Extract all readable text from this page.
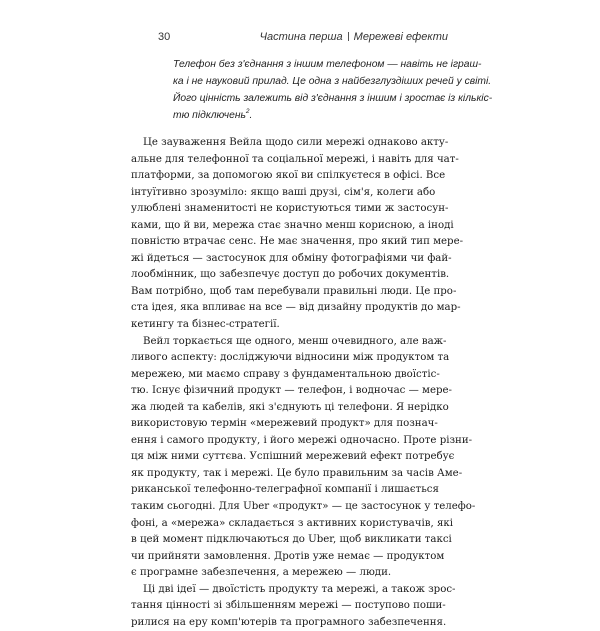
30	Частина перша Мережеві ефекти
Телефон без з'єднання з іншим телефоном — навіть не іграш-
ка і не науковий прилад. Це одна з найбезглуздіших речей у світі.
Його цінність залежить від з'єднання з іншим і зростає із кількіс-
тю підключень$^2$.
Це зауваження Вейла щодо сили мережі однаково акту-
альне для телефонної та соціальної мережі, і навіть для чат-
платформи, за допомогою якої ви спілкуєтеся в офісі. Все
інтуїтивно зрозуміло: якщо ваші друзі, сім'я, колеги або
улюблені знаменитості не користуються тими ж застосун-
ками, що й ви, мережа стає значно менш корисною, а іноді
повністю втрачає сенс. Не має значення, про який тип мере-
жі йдеться — застосунок для обміну фотографіями чи фай-
лообмінник, що забезпечує доступ до робочих документів.
Вам потрібно, щоб там перебували правильні люди. Це про-
ста ідея, яка впливає на все — від дизайну продуктів до мар-
кетингу та бізнес-стратегії.
Вейл торкається ще одного, менш очевидного, але важ-
ливого аспекту: досліджуючи відносини між продуктом та
мережею, ми маємо справу з фундаментальною двоїстіс-
тю. Існує фізичний продукт — телефон, і водночас — мере-
жа людей та кабелів, які з'єднують ці телефони. Я нерідко
використовую термін «мережевий продукт» для познач-
ення і самого продукту, і його мережі одночасно. Проте різни-
ця між ними суттєва. Успішний мережевий ефект потребує
як продукту, так і мережі. Це було правильним за часів Аме-
риканської телефонно-телеграфної компанії і лишається
таким сьогодні. Для Uber «продукт» — це застосунок у телефо-
фоні, а «мережа» складається з активних користувачів, які
в цей момент підключаються до Uber, щоб викликати таксі
чи прийняти замовлення. Дротів уже немає — продуктом
є програмне забезпечення, а мережею — люди.
Ці дві ідеї — двоїстість продукту та мережі, а також зрос-
тання цінності зі збільшенням мережі — поступово поши-
рилися на еру комп'ютерів та програмного забезпечення.
